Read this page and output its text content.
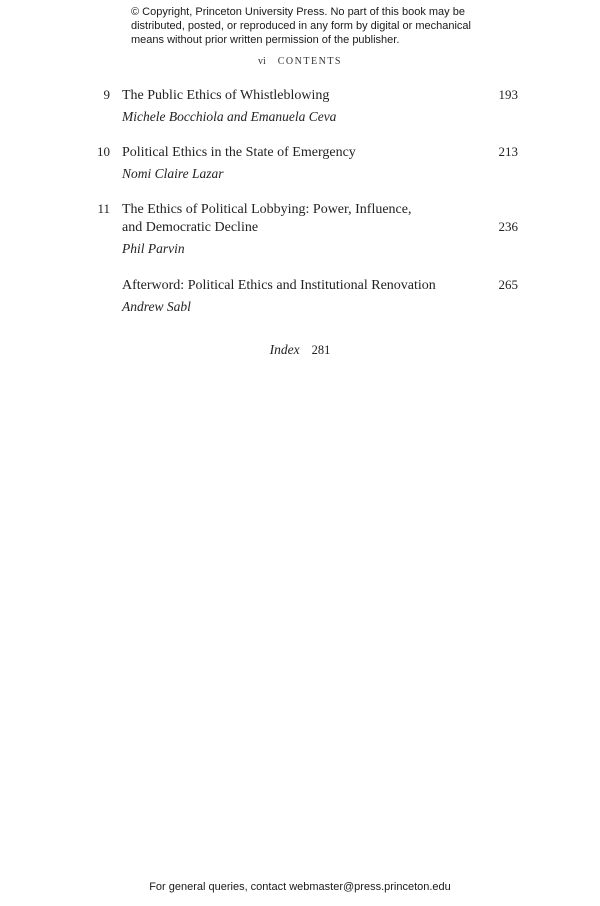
© Copyright, Princeton University Press. No part of this book may be distributed, posted, or reproduced in any form by digital or mechanical means without prior written permission of the publisher.
vi CONTENTS
9 The Public Ethics of Whistleblowing	193
Michele Bocchiola and Emanuela Ceva
10 Political Ethics in the State of Emergency	213
Nomi Claire Lazar
11 The Ethics of Political Lobbying: Power, Influence,
and Democratic Decline	236
Phil Parvin
Afterword: Political Ethics and Institutional Renovation	265
Andrew Sabl
Index 281
For general queries, contact webmaster@press.princeton.edu
